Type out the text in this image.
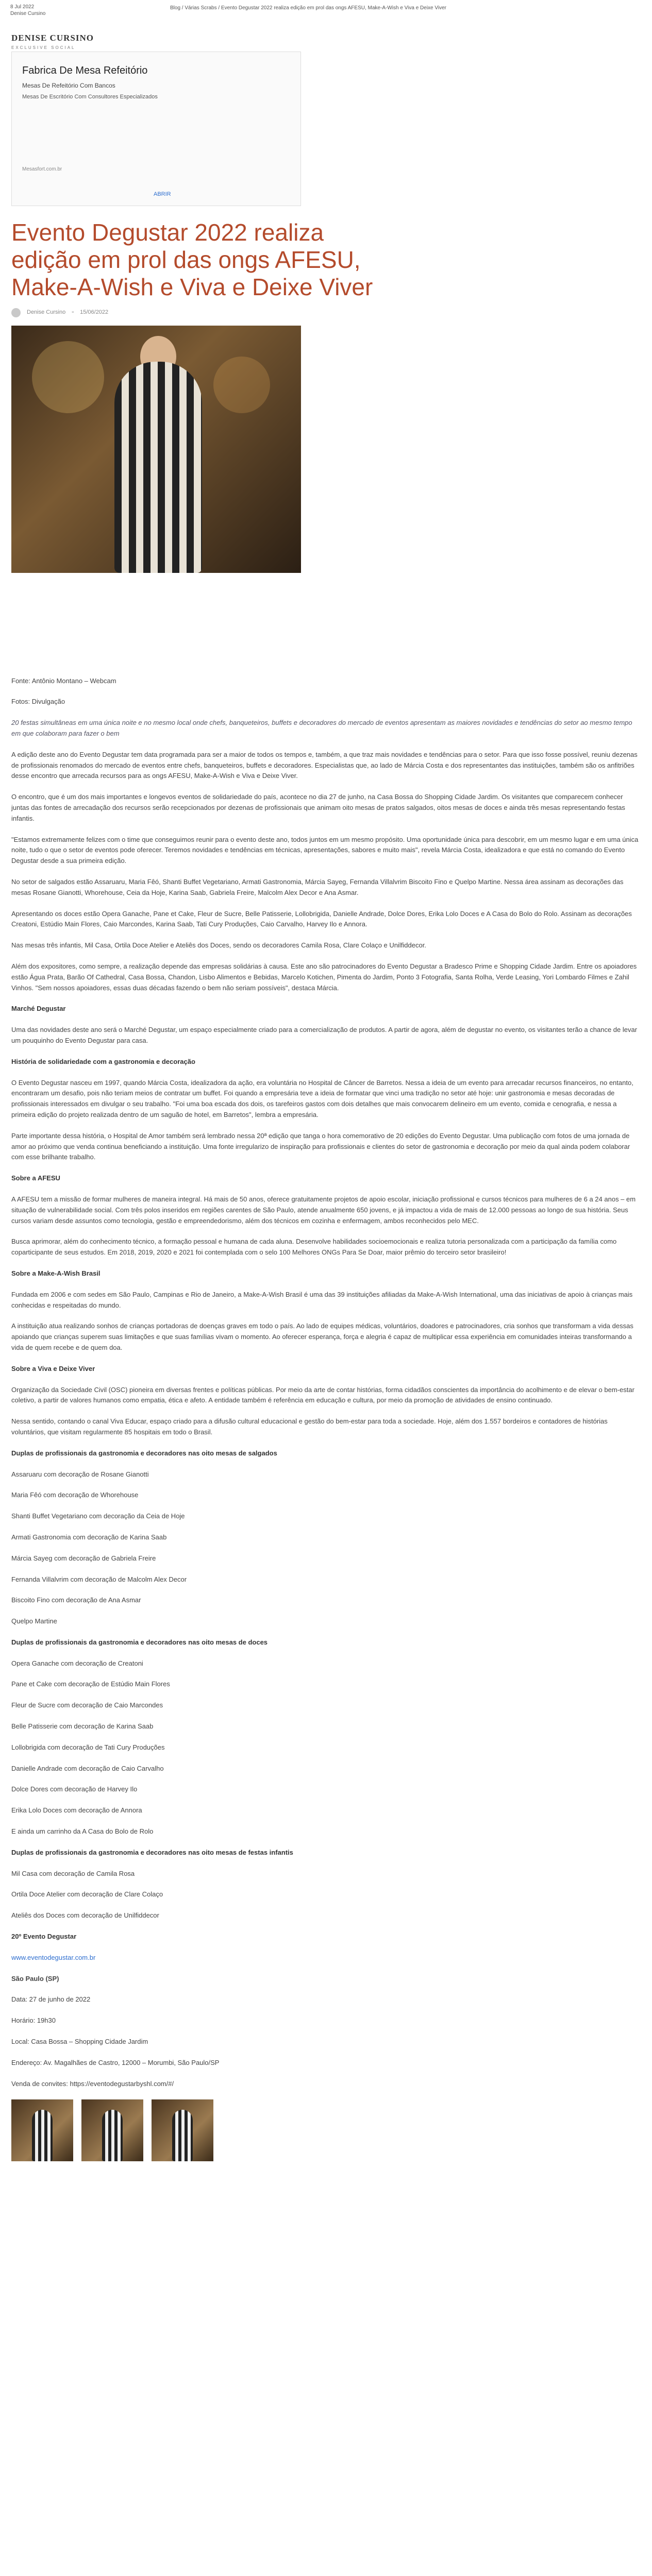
8 Jul 2022
Denise Cursino
Blog / Várias Scrabs / Evento Degustar 2022 realiza edição em prol das ongs AFESU, Make-A-Wish e Viva e Deixe Viver
DENISE CURSINO
EXCLUSIVE SOCIAL
Fabrica De Mesa Refeitório
Mesas De Refeitório Com Bancos
Mesas De Escritório Com Consultores Especializados
Mesasfort.com.br
ABRIR
Evento Degustar 2022 realiza edição em prol das ongs AFESU, Make-A-Wish e Viva e Deixe Viver
Denise Cursino ▫ 15/06/2022

Fonte: Antônio Montano – Webcam

Fotos: Divulgação

20 festas simultâneas em uma única noite e no mesmo local onde chefs, banqueteiros, buffets e decoradores do mercado de eventos apresentam as maiores novidades e tendências do setor ao mesmo tempo em que colaboram para fazer o bem

A edição deste ano do Evento Degustar tem data programada para ser a maior de todos os tempos e, também, a que traz mais novidades e tendências para o setor. Para que isso fosse possível, reuniu dezenas de profissionais renomados do mercado de eventos entre chefs, banqueteiros, buffets e decoradores. Especialistas que, ao lado de Márcia Costa e dos representantes das instituições, também são os anfitriões desse encontro que arrecada recursos para as ongs AFESU, Make-A-Wish e Viva e Deixe Viver.

O encontro, que é um dos mais importantes e longevos eventos de solidariedade do país, acontece no dia 27 de junho, na Casa Bossa do Shopping Cidade Jardim. Os visitantes que comparecem conhecer juntas das fontes de arrecadação dos recursos serão recepcionados por dezenas de profissionais que animam oito mesas de pratos salgados, oitos mesas de doces e ainda três mesas representando festas infantis.

"Estamos extremamente felizes com o time que conseguimos reunir para o evento deste ano, todos juntos em um mesmo propósito. Uma oportunidade única para descobrir, em um mesmo lugar e em uma única noite, tudo o que o setor de eventos pode oferecer. Teremos novidades e tendências em técnicas, apresentações, sabores e muito mais", revela Márcia Costa, idealizadora e que está no comando do Evento Degustar desde a sua primeira edição.

No setor de salgados estão Assaruaru, Maria Fêó, Shanti Buffet Vegetariano, Armati Gastronomia, Márcia Sayeg, Fernanda Villalvrim Biscoito Fino e Quelpo Martine. Nessa área assinam as decorações das mesas Rosane Gianotti, Whorehouse, Ceia da Hoje, Karina Saab, Gabriela Freire, Malcolm Alex Decor e Ana Asmar.

Apresentando os doces estão Opera Ganache, Pane et Cake, Fleur de Sucre, Belle Patisserie, Lollobrigida, Danielle Andrade, Dolce Dores, Erika Lolo Doces e A Casa do Bolo do Rolo. Assinam as decorações Creatoni, Estúdio Main Flores, Caio Marcondes, Karina Saab, Tati Cury Produções, Caio Carvalho, Harvey Ilo e Annora.

Nas mesas três infantis, Mil Casa, Ortila Doce Atelier e Ateliês dos Doces, sendo os decoradores Camila Rosa, Clare Colaço e Unilfiddecor.

Além dos expositores, como sempre, a realização depende das empresas solidárias à causa. Este ano são patrocinadores do Evento Degustar a Bradesco Prime e Shopping Cidade Jardim. Entre os apoiadores estão Água Prata, Barão Of Cathedral, Casa Bossa, Chandon, Lisbo Alimentos e Bebidas, Marcelo Kotichen, Pimenta do Jardim, Ponto 3 Fotografia, Santa Rolha, Verde Leasing, Yori Lombardo Filmes e Zahil Vinhos. "Sem nossos apoiadores, essas duas décadas fazendo o bem não seriam possíveis", destaca Márcia.

Marché Degustar

Uma das novidades deste ano será o Marché Degustar, um espaço especialmente criado para a comercialização de produtos. A partir de agora, além de degustar no evento, os visitantes terão a chance de levar um pouquinho do Evento Degustar para casa.

História de solidariedade com a gastronomia e decoração

O Evento Degustar nasceu em 1997, quando Márcia Costa, idealizadora da ação, era voluntária no Hospital de Câncer de Barretos. Nessa a ideia de um evento para arrecadar recursos financeiros, no entanto, encontraram um desafio, pois não teriam meios de contratar um buffet. Foi quando a empresária teve a ideia de formatar que vinci uma tradição no setor até hoje: unir gastronomia e mesas decoradas de profissionais interessados em divulgar o seu trabalho. "Foi uma boa escada dos dois, os tarefeiros gastos com dois detalhes que mais convocarem delineiro em um evento, comida e cenografia, e nessa a primeira edição do projeto realizada dentro de um saguão de hotel, em Barretos", lembra a empresária.

Parte importante dessa história, o Hospital de Amor também será lembrado nessa 20ª edição que tanga o hora comemorativo de 20 edições do Evento Degustar. Uma publicação com fotos de uma jornada de amor ao próximo que venda continua beneficiando a instituição. Uma fonte irregularizo de inspiração para profissionais e clientes do setor de gastronomia e decoração por meio da qual ainda podem colaborar com esse brilhante trabalho.

Sobre a AFESU

A AFESU tem a missão de formar mulheres de maneira integral. Há mais de 50 anos, oferece gratuitamente projetos de apoio escolar, iniciação profissional e cursos técnicos para mulheres de 6 a 24 anos – em situação de vulnerabilidade social. Com três polos inseridos em regiões carentes de São Paulo, atende anualmente 650 jovens, e já impactou a vida de mais de 12.000 pessoas ao longo de sua história. Seus cursos variam desde assuntos como tecnologia, gestão e empreendedorismo, além dos técnicos em cozinha e enfermagem, ambos reconhecidos pelo MEC.

Busca aprimorar, além do conhecimento técnico, a formação pessoal e humana de cada aluna. Desenvolve habilidades socioemocionais e realiza tutoria personalizada com a participação da família como coparticipante de seus estudos. Em 2018, 2019, 2020 e 2021 foi contemplada com o selo 100 Melhores ONGs Para Se Doar, maior prêmio do terceiro setor brasileiro!

Sobre a Make-A-Wish Brasil

Fundada em 2006 e com sedes em São Paulo, Campinas e Rio de Janeiro, a Make-A-Wish Brasil é uma das 39 instituições afiliadas da Make-A-Wish International, uma das iniciativas de apoio à crianças mais conhecidas e respeitadas do mundo.

A instituição atua realizando sonhos de crianças portadoras de doenças graves em todo o país. Ao lado de equipes médicas, voluntários, doadores e patrocinadores, cria sonhos que transformam a vida dessas apoiando que crianças superem suas limitações e que suas famílias vivam o momento. Ao oferecer esperança, força e alegria é capaz de multiplicar essa experiência em comunidades inteiras transformando a vida de quem recebe e de quem doa.

Sobre a Viva e Deixe Viver

Organização da Sociedade Civil (OSC) pioneira em diversas frentes e políticas públicas. Por meio da arte de contar histórias, forma cidadãos conscientes da importância do acolhimento e de elevar o bem-estar coletivo, a partir de valores humanos como empatia, ética e afeto. A entidade também é referência em educação e cultura, por meio da promoção de atividades de ensino continuado.

Nessa sentido, contando o canal Viva Educar, espaço criado para a difusão cultural educacional e gestão do bem-estar para toda a sociedade. Hoje, além dos 1.557 bordeiros e contadores de histórias voluntários, que visitam regularmente 85 hospitais em todo o Brasil.

Duplas de profissionais da gastronomia e decoradores nas oito mesas de salgados

Assaruaru com decoração de Rosane Gianotti

Maria Fêó com decoração de Whorehouse

Shanti Buffet Vegetariano com decoração da Ceia de Hoje

Armati Gastronomia com decoração de Karina Saab

Márcia Sayeg com decoração de Gabriela Freire

Fernanda Villalvrim com decoração de Malcolm Alex Decor

Biscoito Fino com decoração de Ana Asmar

Quelpo Martine

Duplas de profissionais da gastronomia e decoradores nas oito mesas de doces

Opera Ganache com decoração de Creatoni

Pane et Cake com decoração de Estúdio Main Flores

Fleur de Sucre com decoração de Caio Marcondes

Belle Patisserie com decoração de Karina Saab

Lollobrigida com decoração de Tati Cury Produções

Danielle Andrade com decoração de Caio Carvalho

Dolce Dores com decoração de Harvey Ilo

Erika Lolo Doces com decoração de Annora

E ainda um carrinho da A Casa do Bolo de Rolo

Duplas de profissionais da gastronomia e decoradores nas oito mesas de festas infantis

Mil Casa com decoração de Camila Rosa

Ortila Doce Atelier com decoração de Clare Colaço

Ateliês dos Doces com decoração de Unilfiddecor

20º Evento Degustar

www.eventodegustar.com.br

São Paulo (SP)

Data: 27 de junho de 2022

Horário: 19h30

Local: Casa Bossa – Shopping Cidade Jardim

Endereço: Av. Magalhães de Castro, 12000 – Morumbi, São Paulo/SP

Venda de convites: https://eventodegustarbyshl.com/#/
